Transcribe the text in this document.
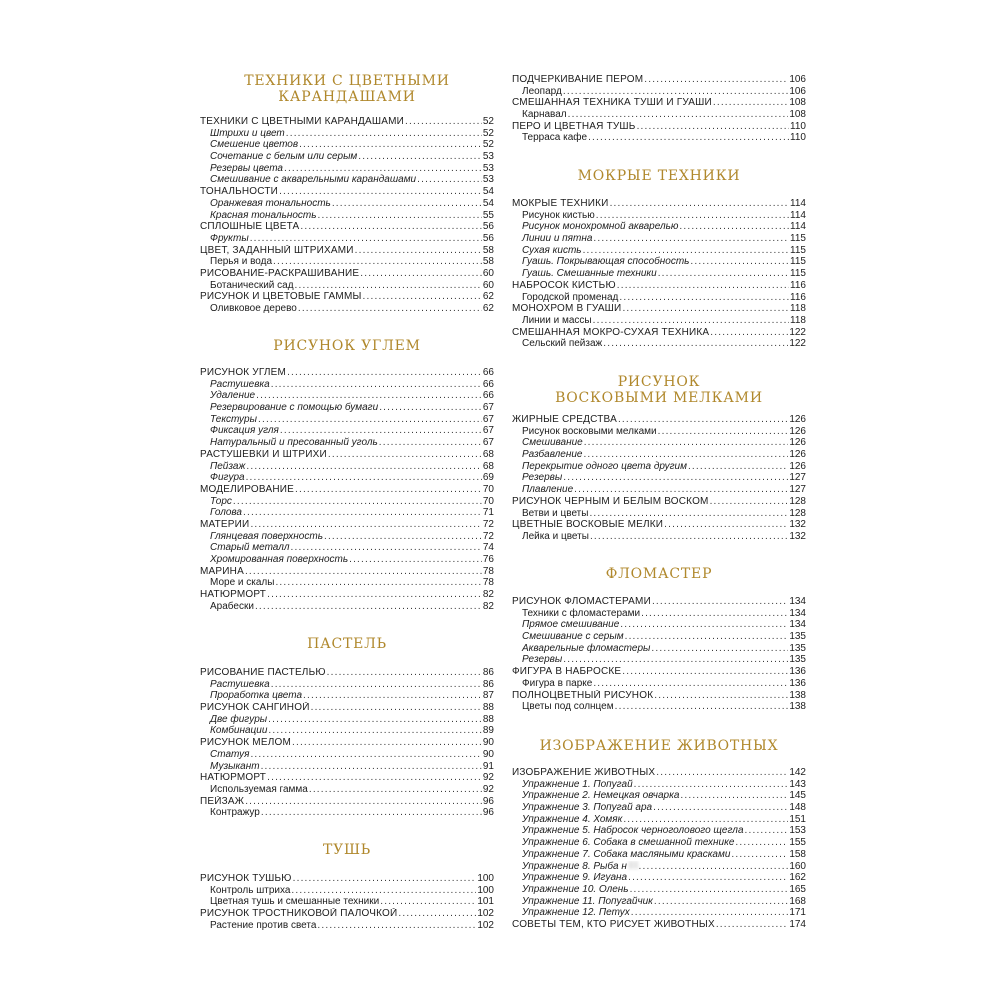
ТЕХНИКИ С ЦВЕТНЫМИ
КАРАНДАШАМИ
ТЕХНИКИ С ЦВЕТНЫМИ КАРАНДАШАМИ .....	52
Штрихи и цвет .....	52
Смешение цветов .....	52
Сочетание с белым или серым .....	53
Резервы цвета .....	53
Смешивание с акварельными карандашами .....	53
ТОНАЛЬНОСТИ .....	54
Оранжевая тональность .....	54
Красная тональность .....	55
СПЛОШНЫЕ ЦВЕТА .....	56
Фрукты .....	56
ЦВЕТ, ЗАДАННЫЙ ШТРИХАМИ .....	58
Перья и вода .....	58
РИСОВАНИЕ-РАСКРАШИВАНИЕ .....	60
Ботанический сад .....	60
РИСУНОК И ЦВЕТОВЫЕ ГАММЫ .....	62
Оливковое дерево .....	62
РИСУНОК УГЛЕМ
РИСУНОК УГЛЕМ .....	66
Растушевка .....	66
Удаление .....	66
Резервирование с помощью бумаги .....	67
Текстуры .....	67
Фиксация угля .....	67
Натуральный и пресованный уголь .....	67
РАСТУШЕВКИ И ШТРИХИ .....	68
Пейзаж .....	68
Фигура .....	69
МОДЕЛИРОВАНИЕ .....	70
Торс .....	70
Голова .....	71
МАТЕРИИ .....	72
Глянцевая поверхность .....	72
Старый металл .....	74
Хромированная поверхность .....	76
МАРИНА .....	78
Море и скалы .....	78
НАТЮРМОРТ .....	82
Арабески .....	82
ПАСТЕЛЬ
РИСОВАНИЕ ПАСТЕЛЬЮ .....	86
Растушевка .....	86
Проработка цвета .....	87
РИСУНОК САНГИНОЙ .....	88
Две фигуры .....	88
Комбинации .....	89
РИСУНОК МЕЛОМ .....	90
Статуя .....	90
Музыкант .....	91
НАТЮРМОРТ .....	92
Используемая гамма .....	92
ПЕЙЗАЖ .....	96
Контражур .....	96
ТУШЬ
РИСУНОК ТУШЬЮ .....	100
Контроль штриха .....	100
Цветная тушь и смешанные техники .....	101
РИСУНОК ТРОСТНИКОВОЙ ПАЛОЧКОЙ .....	102
Растение против света .....	102
ПОДЧЕРКИВАНИЕ ПЕРОМ .....	106
Леопард .....	106
СМЕШАННАЯ ТЕХНИКА ТУШИ И ГУАШИ .....	108
Карнавал .....	108
ПЕРО И ЦВЕТНАЯ ТУШЬ .....	110
Терраса кафе .....	110
МОКРЫЕ ТЕХНИКИ
МОКРЫЕ ТЕХНИКИ .....	114
Рисунок кистью .....	114
Рисунок монохромной акварелью .....	114
Линии и пятна .....	115
Сухая кисть .....	115
Гуашь. Покрывающая способность .....	115
Гуашь. Смешанные техники .....	115
НАБРОСОК КИСТЬЮ .....	116
Городской променад .....	116
МОНОХРОМ В ГУАШИ .....	118
Линии и массы .....	118
СМЕШАННАЯ МОКРО-СУХАЯ ТЕХНИКА .....	122
Сельский пейзаж .....	122
РИСУНОК
ВОСКОВЫМИ МЕЛКАМИ
ЖИРНЫЕ СРЕДСТВА .....	126
Рисунок восковыми мелками .....	126
Смешивание .....	126
Разбавление .....	126
Перекрытие одного цвета другим .....	126
Резервы .....	127
Плавление .....	127
РИСУНОК ЧЕРНЫМ И БЕЛЫМ ВОСКОМ .....	128
Ветви и цветы .....	128
ЦВЕТНЫЕ ВОСКОВЫЕ МЕЛКИ .....	132
Лейка и цветы .....	132
ФЛОМАСТЕР
РИСУНОК ФЛОМАСТЕРАМИ .....	134
Техники с фломастерами .....	134
Прямое смешивание .....	134
Смешивание с серым .....	135
Акварельные фломастеры .....	135
Резервы .....	135
ФИГУРА В НАБРОСКЕ .....	136
Фигура в парке .....	136
ПОЛНОЦВЕТНЫЙ РИСУНОК .....	138
Цветы под солнцем .....	138
ИЗОБРАЖЕНИЕ ЖИВОТНЫХ
ИЗОБРАЖЕНИЕ ЖИВОТНЫХ .....	142
Упражнение 1. Попугай .....	143
Упражнение 2. Немецкая овчарка .....	145
Упражнение 3. Попугай ара .....	148
Упражнение 4. Хомяк .....	151
Упражнение 5. Набросок черноголового щегла .....	153
Упражнение 6. Собака в смешанной технике .....	155
Упражнение 7. Собака масляными красками .....	158
Упражнение 8. Рыба н .....	160
Упражнение 9. Игуана .....	162
Упражнение 10. Олень .....	165
Упражнение 11. Попугайчик .....	168
Упражнение 12. Петух .....	171
СОВЕТЫ ТЕМ, КТО РИСУЕТ ЖИВОТНЫХ .....	174
